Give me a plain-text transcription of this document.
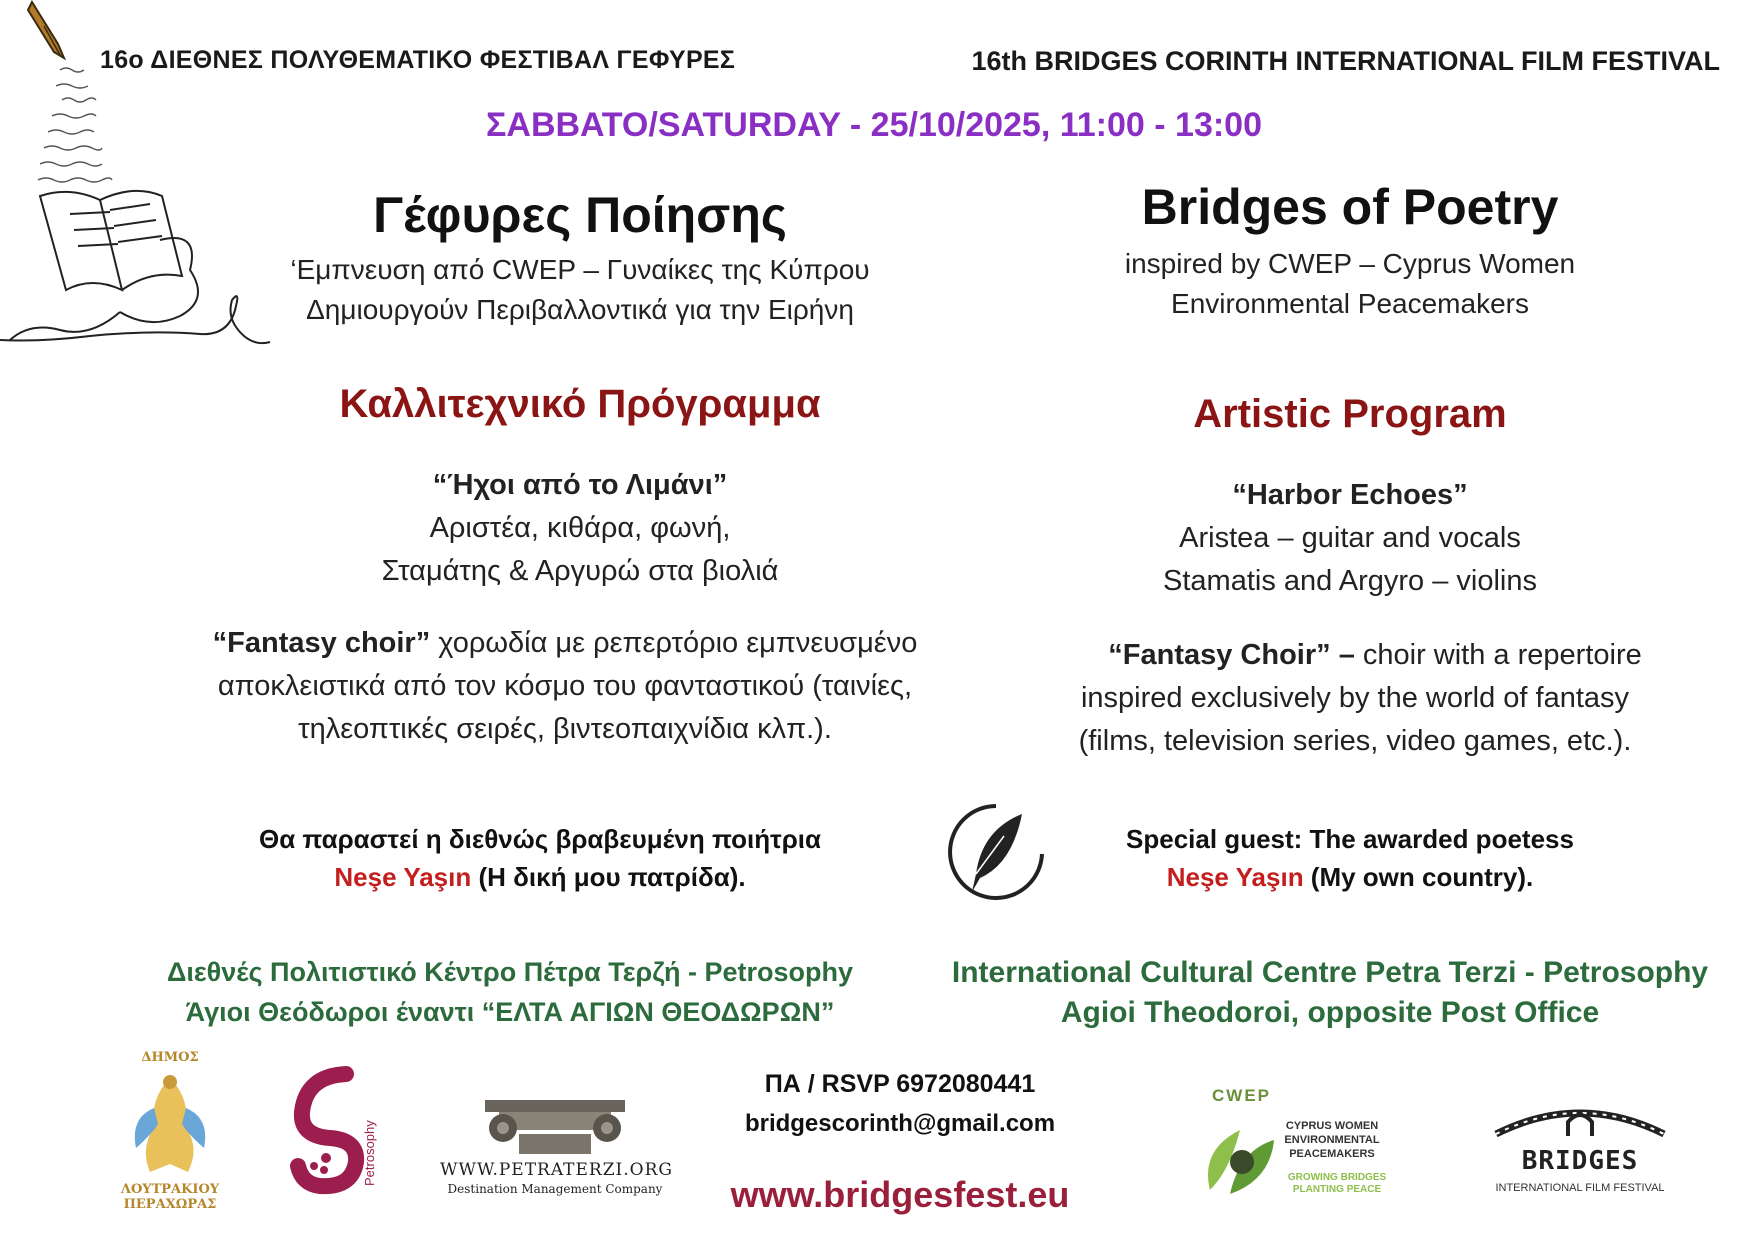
16ο ΔΙΕΘΝΕΣ ΠΟΛΥΘΕΜΑΤΙΚΟ ΦΕΣΤΙΒΑΛ ΓΕΦΥΡΕΣ	16th BRIDGES CORINTH INTERNATIONAL FILM FESTIVAL
ΣΑΒΒΑΤΟ/SATURDAY - 25/10/2025, 11:00 - 13:00
Γέφυρες Ποίησης
‘Εμπνευση από CWEP – Γυναίκες της Κύπρου
Δημιουργούν Περιβαλλοντικά για την Ειρήνη
Καλλιτεχνικό Πρόγραμμα
“Ήχοι από το Λιμάνι”
Αριστέα, κιθάρα, φωνή,
Σταμάτης & Αργυρώ στα βιολιά
“Fantasy choir” χορωδία με ρεπερτόριο εμπνευσμένο
αποκλειστικά από τον κόσμο του φανταστικού (ταινίες,
τηλεοπτικές σειρές, βιντεοπαιχνίδια κλπ.).
Θα παραστεί η διεθνώς βραβευμένη ποιήτρια
Neşe Yaşın (Η δική μου πατρίδα).
Διεθνές Πολιτιστικό Κέντρο Πέτρα Τερζή - Petrosophy
Άγιοι Θεόδωροι έναντι “ΕΛΤΑ ΑΓΙΩΝ ΘΕΟΔΩΡΩΝ”
Bridges of Poetry
inspired by CWEP – Cyprus Women
Environmental Peacemakers
Artistic Program
“Harbor Echoes”
Aristea – guitar and vocals
Stamatis and Argyro – violins
“Fantasy Choir” – choir with a repertoire
inspired exclusively by the world of fantasy
(films, television series, video games, etc.).
Special guest: The awarded poetess
Neşe Yaşın (My own country).
International Cultural Centre Petra Terzi - Petrosophy
Agioi Theodoroi, opposite Post Office
ΠΑ / RSVP 6972080441
bridgescorinth@gmail.com
www.bridgesfest.eu
ΔΗΜΟΣ
ΛΟΥΤΡΑΚΙΟΥ ΠΕΡΑΧΩΡΑΣ
Petrosophy	WWW.PETRATERZI.ORG
Destination Management Company
CWEP
CYPRUS WOMEN
ENVIRONMENTAL
PEACEMAKERS
GROWING BRIDGES
PLANTING PEACE
BRIDGES
INTERNATIONAL FILM FESTIVAL
